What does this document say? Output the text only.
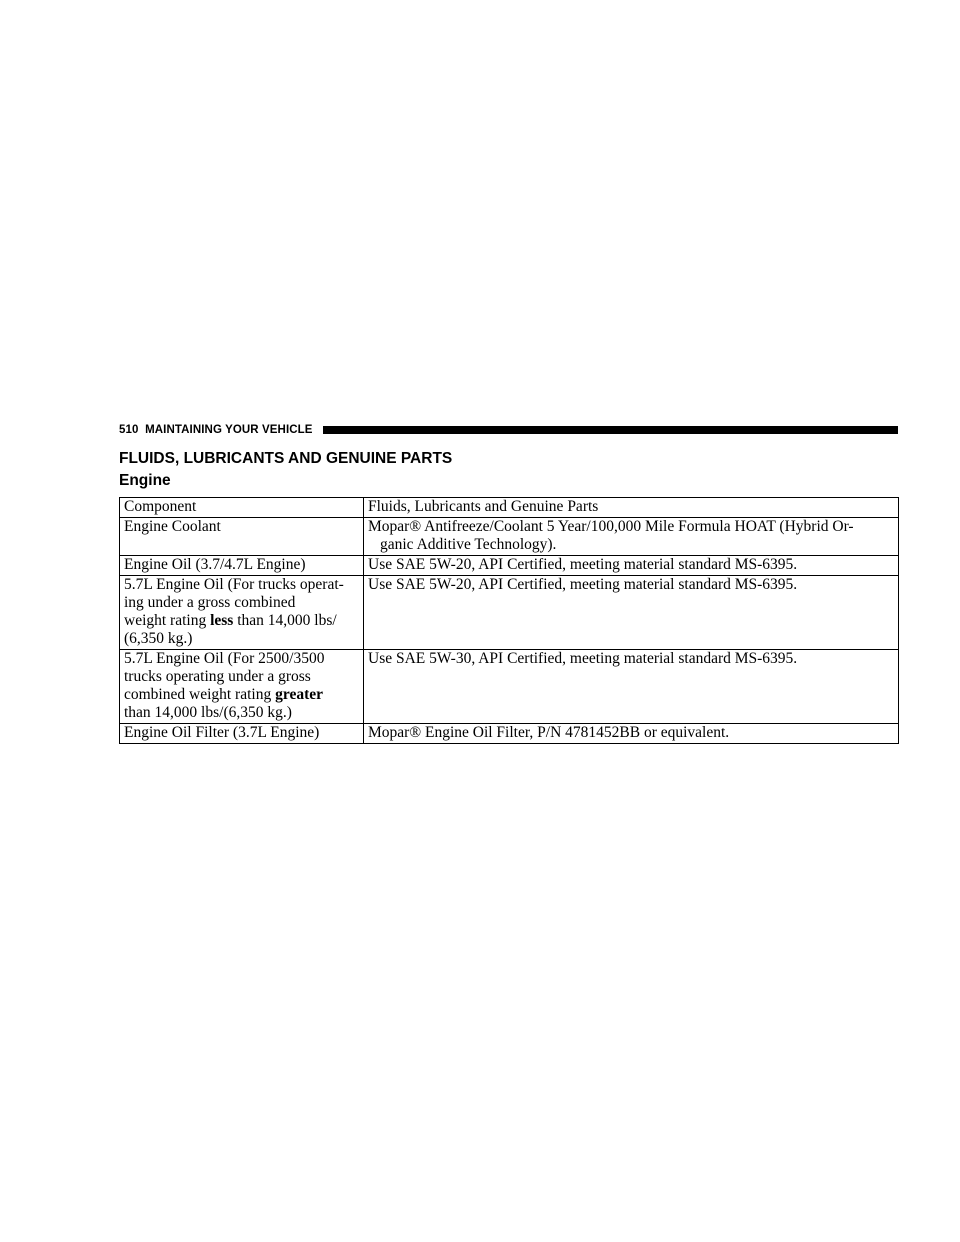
510 MAINTAINING YOUR VEHICLE
FLUIDS, LUBRICANTS AND GENUINE PARTS
Engine
Component	Fluids, Lubricants and Genuine Parts
Engine Coolant	Mopar® Antifreeze/Coolant 5 Year/100,000 Mile Formula HOAT (Hybrid Or-
ganic Additive Technology).

Engine Oil (3.7/4.7L Engine)	Use SAE 5W-20, API Certified, meeting material standard MS-6395.
5.7L Engine Oil (For trucks operat-
ing under a gross combined
weight rating less than 14,000 lbs/
(6,350 kg.)	Use SAE 5W-20, API Certified, meeting material standard MS-6395.
5.7L Engine Oil (For 2500/3500
trucks operating under a gross
combined weight rating greater
than 14,000 lbs/(6,350 kg.)	Use SAE 5W-30, API Certified, meeting material standard MS-6395.
Engine Oil Filter (3.7L Engine)	Mopar® Engine Oil Filter, P/N 4781452BB or equivalent.
